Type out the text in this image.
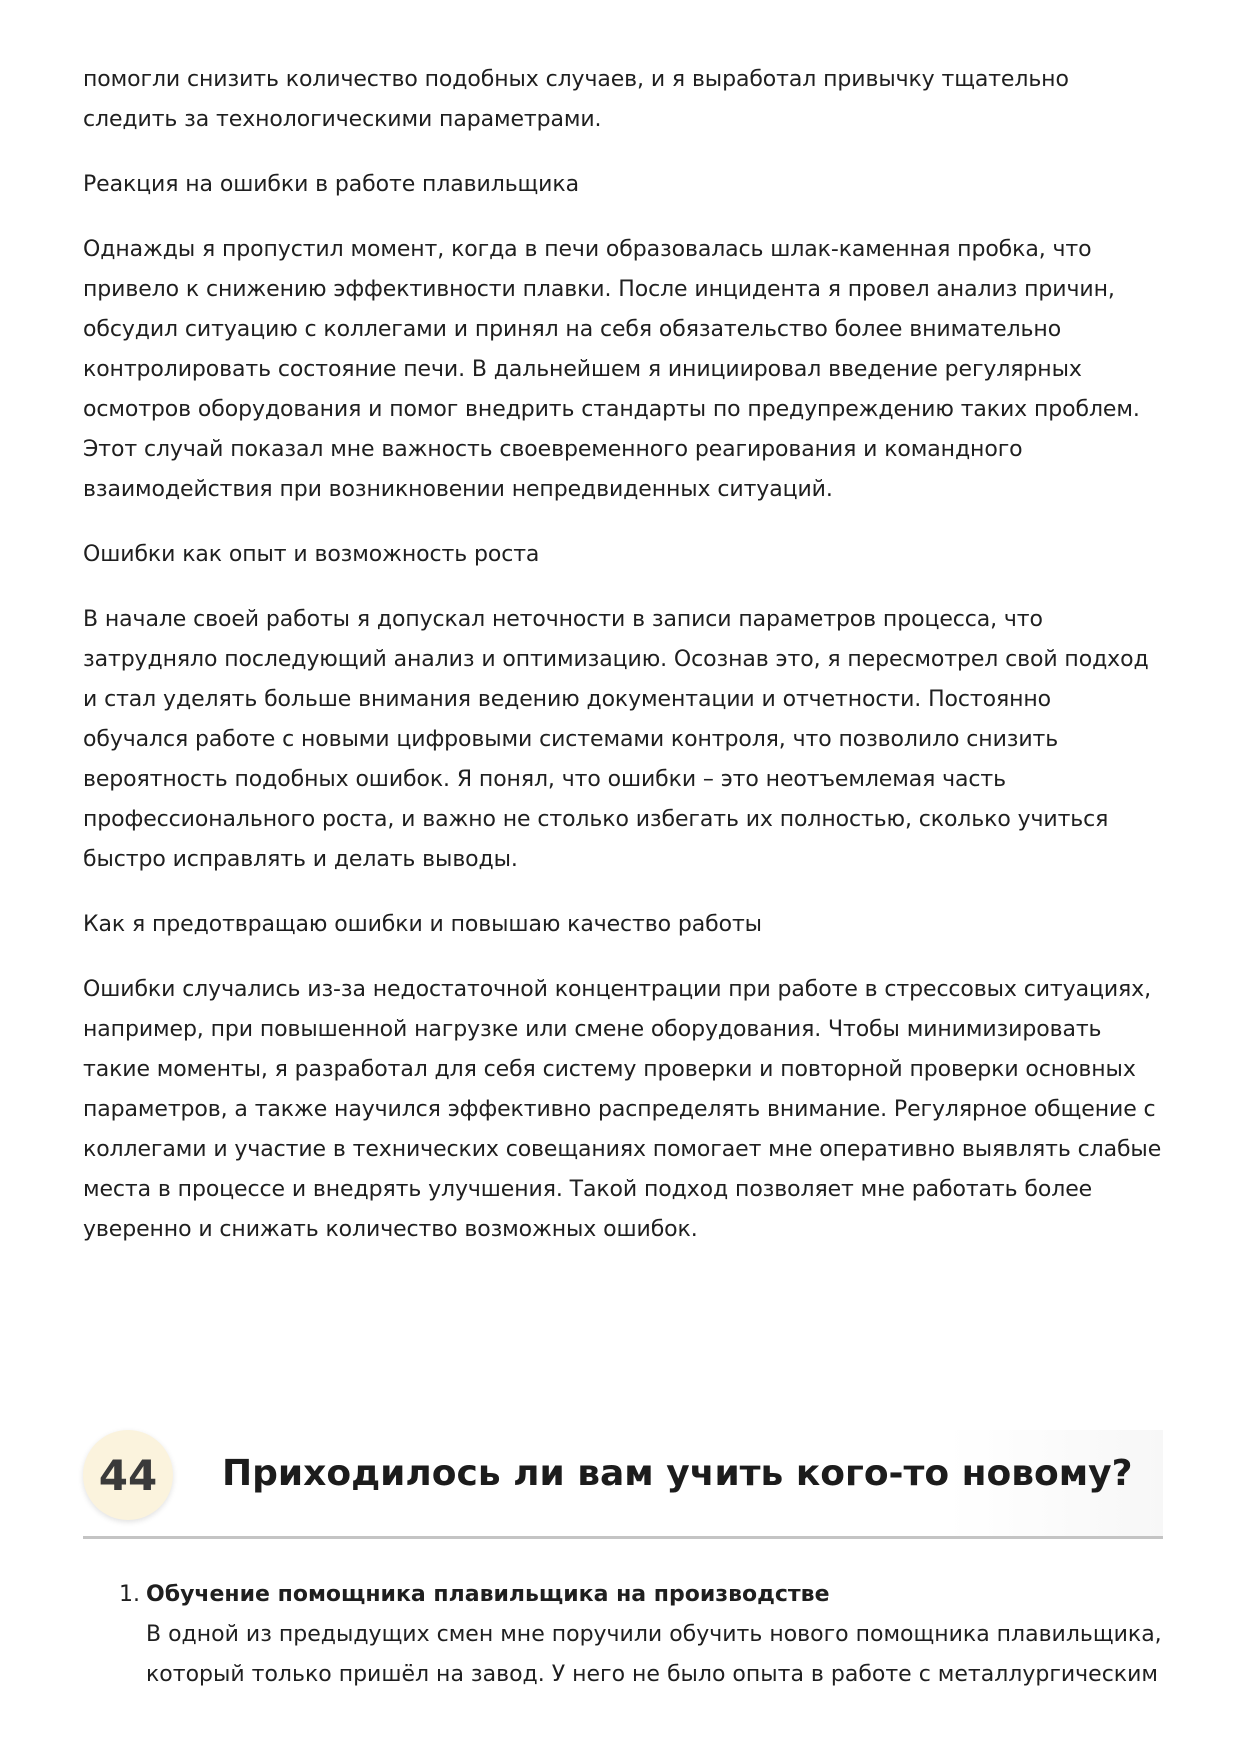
помогли снизить количество подобных случаев, и я выработал привычку тщательно следить за технологическими параметрами.

Реакция на ошибки в работе плавильщика

Однажды я пропустил момент, когда в печи образовалась шлак-каменная пробка, что привело к снижению эффективности плавки. После инцидента я провел анализ причин, обсудил ситуацию с коллегами и принял на себя обязательство более внимательно контролировать состояние печи. В дальнейшем я инициировал введение регулярных осмотров оборудования и помог внедрить стандарты по предупреждению таких проблем. Этот случай показал мне важность своевременного реагирования и командного взаимодействия при возникновении непредвиденных ситуаций.

Ошибки как опыт и возможность роста

В начале своей работы я допускал неточности в записи параметров процесса, что затрудняло последующий анализ и оптимизацию. Осознав это, я пересмотрел свой подход и стал уделять больше внимания ведению документации и отчетности. Постоянно обучался работе с новыми цифровыми системами контроля, что позволило снизить вероятность подобных ошибок. Я понял, что ошибки – это неотъемлемая часть профессионального роста, и важно не столько избегать их полностью, сколько учиться быстро исправлять и делать выводы.

Как я предотвращаю ошибки и повышаю качество работы

Ошибки случались из-за недостаточной концентрации при работе в стрессовых ситуациях, например, при повышенной нагрузке или смене оборудования. Чтобы минимизировать такие моменты, я разработал для себя систему проверки и повторной проверки основных параметров, а также научился эффективно распределять внимание. Регулярное общение с коллегами и участие в технических совещаниях помогает мне оперативно выявлять слабые места в процессе и внедрять улучшения. Такой подход позволяет мне работать более уверенно и снижать количество возможных ошибок.

44	Приходилось ли вам учить кого-то новому?
1. Обучение помощника плавильщика на производстве
В одной из предыдущих смен мне поручили обучить нового помощника плавильщика, который только пришёл на завод. У него не было опыта в работе с металлургическим
